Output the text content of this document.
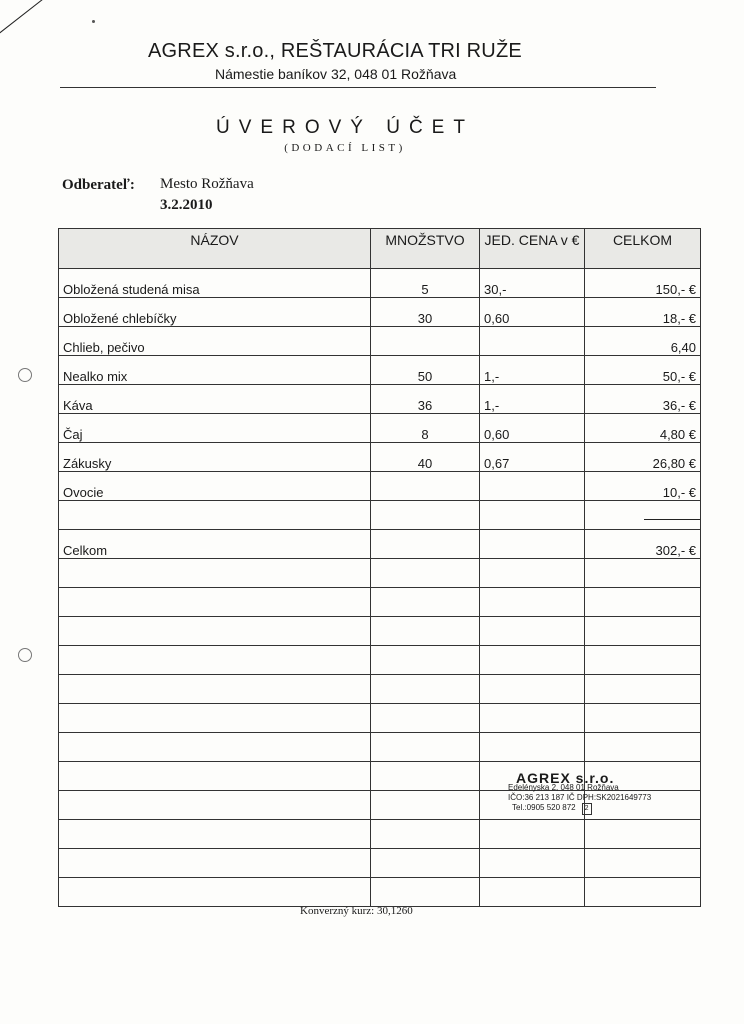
AGREX s.r.o., REŠTAURÁCIA TRI RUŽE
Námestie baníkov 32, 048 01 Rožňava
ÚVEROVÝ ÚČET
(DODACÍ LIST)
Odberateľ: Mesto Rožňava
3.2.2010
NÁZOV	MNOŽSTVO	JED. CENA v €	CELKOM
Obložená studená misa	5	30,-	150,- €
Obložené chlebíčky	30	0,60	18,- €
Chlieb, pečivo			6,40
Nealko mix	50	1,-	50,- €
Káva	36	1,-	36,- €
Čaj	8	0,60	4,80 €
Zákusky	40	0,67	26,80 €
Ovocie			10,- €

Celkom			302,- €

AGREX s.r.o.
Edelényska 2, 048 01 Rožňava
IČO:36 213 187 IČ DPH:SK2021649773
Tel.:0905 520 872 2
Konverzný kurz: 30,1260
